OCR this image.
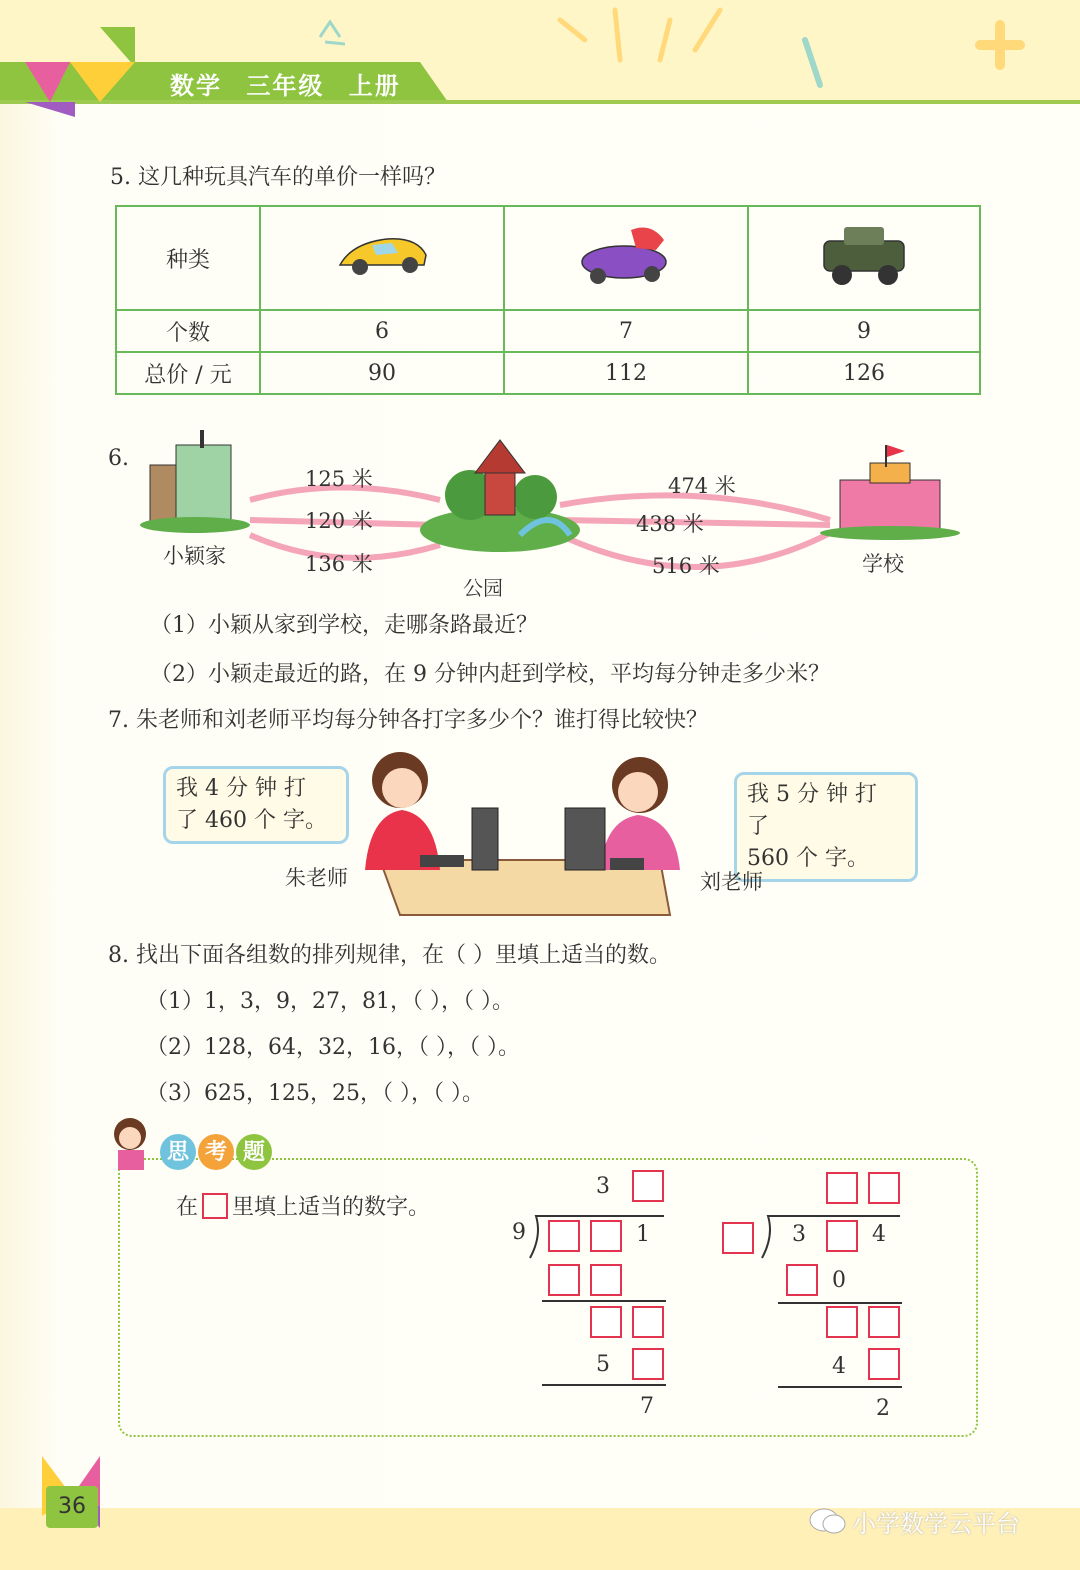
数学 三年级 上册
5. 这几种玩具汽车的单价一样吗？
种类			
个数	6	7	9
总价 / 元	90	112	126
6.
125 米
120 米
136 米
474 米
438 米
516 米
小颖家
公园
学校
（1）小颖从家到学校，走哪条路最近？
（2）小颖走最近的路，在 9 分钟内赶到学校，平均每分钟走多少米？
7. 朱老师和刘老师平均每分钟各打字多少个？谁打得比较快？
我 4 分 钟 打
了 460 个 字。
我 5 分 钟 打 了
560 个 字。
朱老师	刘老师
8. 找出下面各组数的排列规律，在（ ）里填上适当的数。
（1）1，3，9，27，81，（ ），（ ）。
（2）128，64，32，16，（ ），（ ）。
（3）625，125，25，（ ），（ ）。
思 考 题
在 里填上适当的数字。
3
9	1
5
7
3	4
0
4
2
36
小学数学云平台
